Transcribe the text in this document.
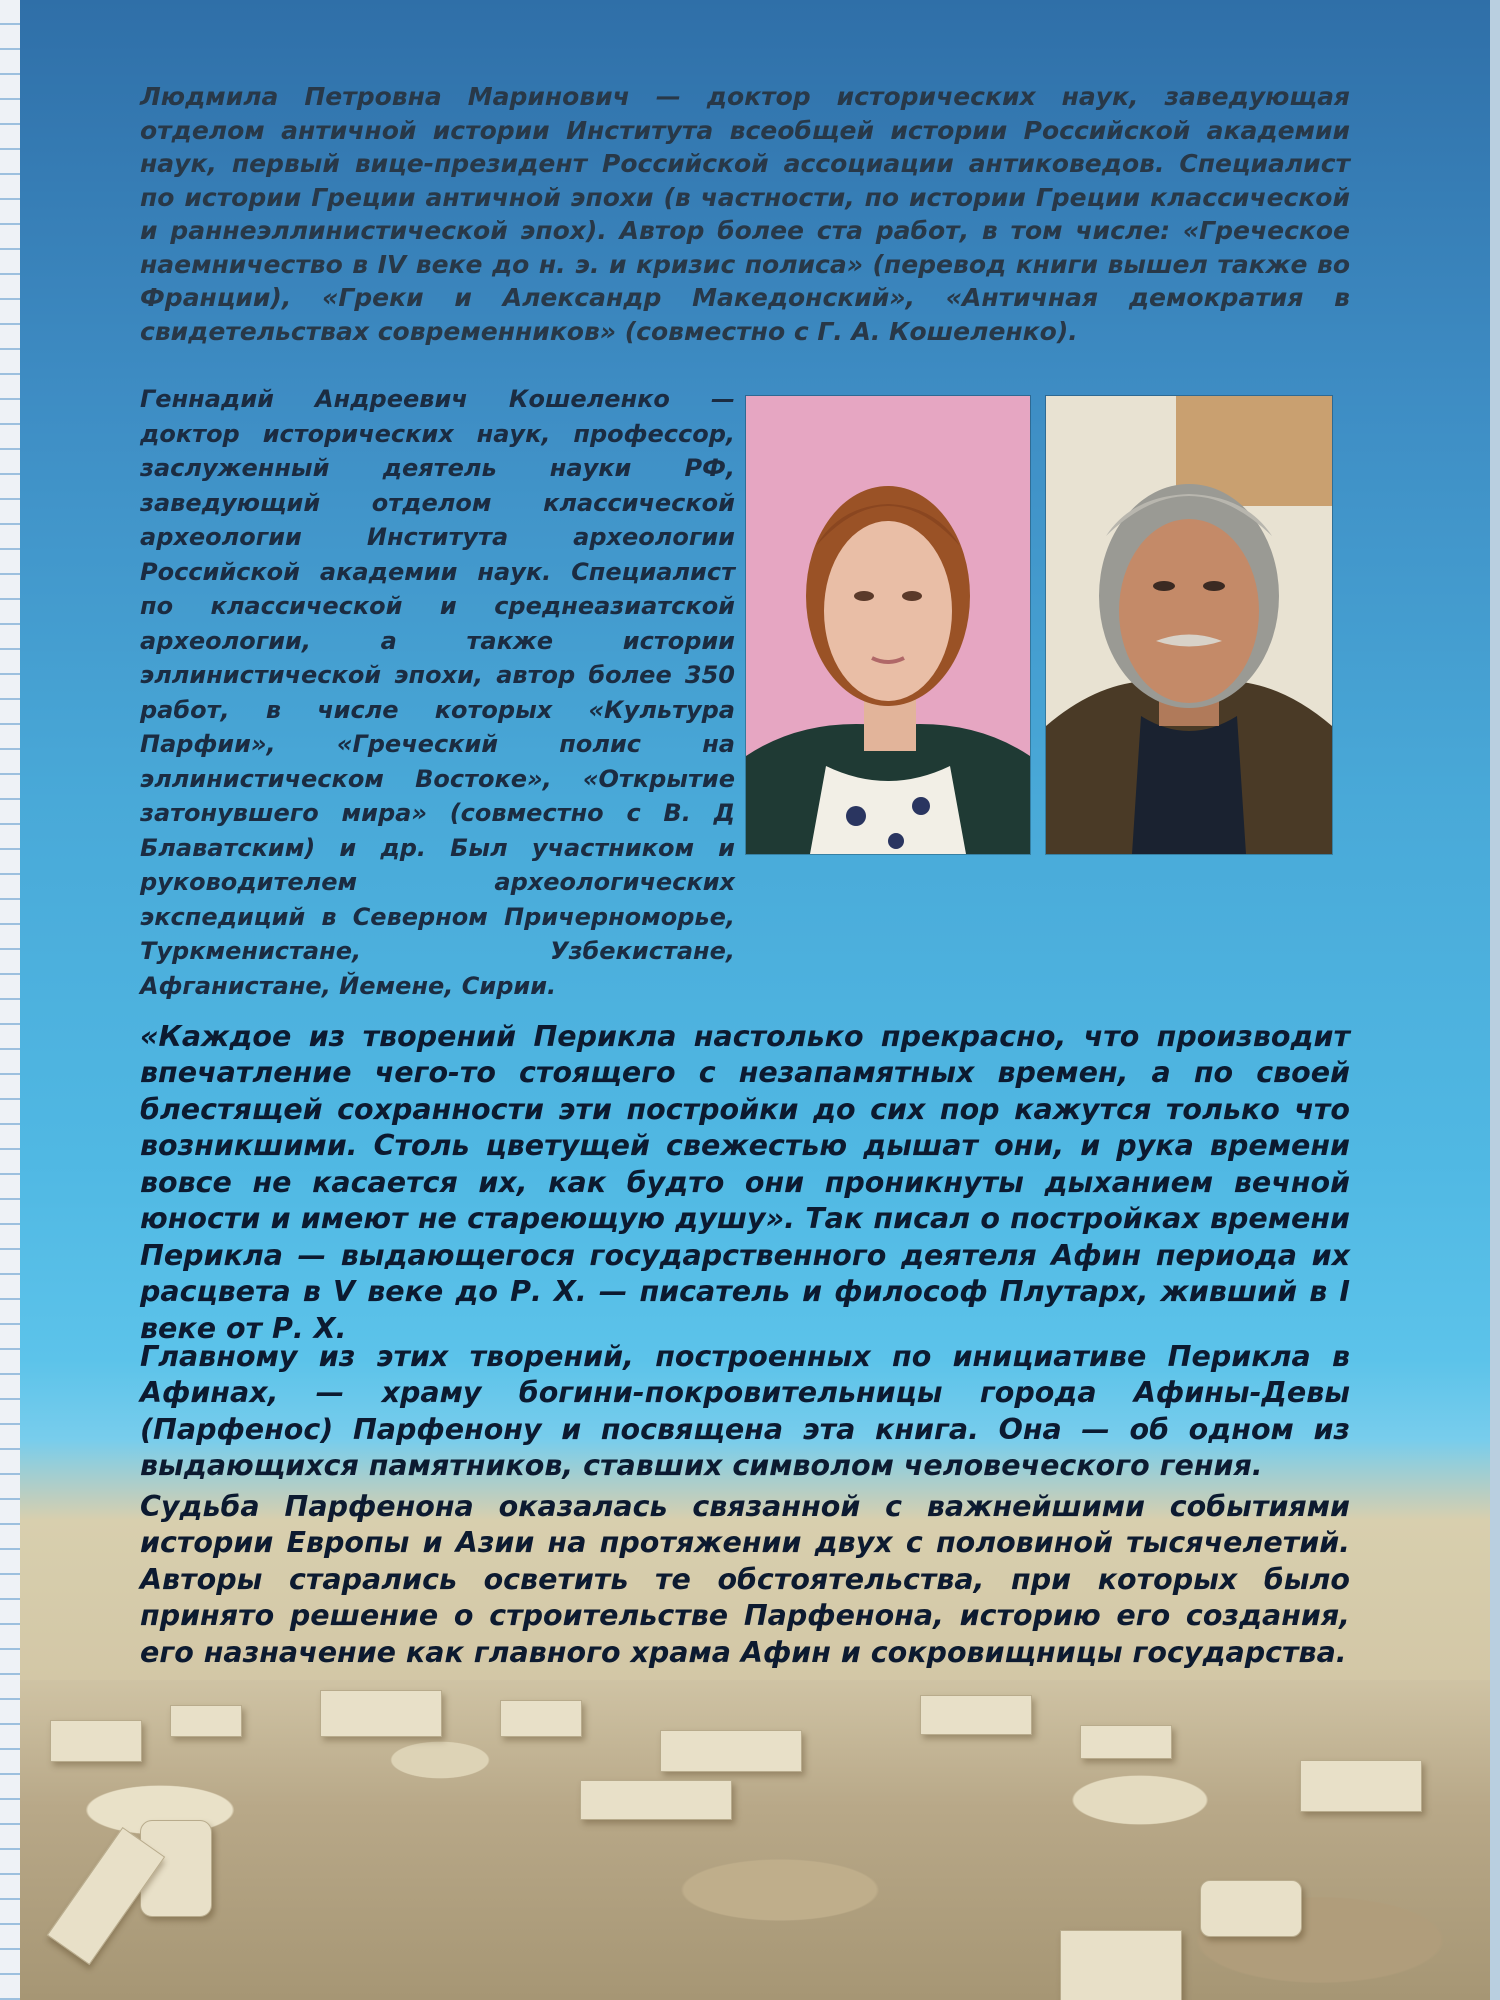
Людмила Петровна Маринович — доктор исторических наук, заведующая отделом античной истории Института всеобщей истории Российской академии наук, первый вице-президент Российской ассоциации антиковедов. Специалист по истории Греции античной эпохи (в частности, по истории Греции классической и раннеэллинистической эпох). Автор более ста работ, в том числе: «Греческое наемничество в IV веке до н. э. и кризис полиса» (перевод книги вышел также во Франции), «Греки и Александр Македонский», «Античная демократия в свидетельствах современников» (совместно с Г. А. Кошеленко).

Геннадий Андреевич Кошеленко — доктор исторических наук, профессор, заслуженный деятель науки РФ, заведующий отделом классической археологии Института археологии Российской академии наук. Специалист по классической и среднеазиатской археологии, а также истории эллинистической эпохи, автор более 350 работ, в числе которых «Культура Парфии», «Греческий полис на эллинистическом Востоке», «Открытие затонувшего мира» (совместно с В. Д Блаватским) и др. Был участником и руководителем археологических экспедиций в Северном Причерноморье, Туркменистане, Узбекистане, Афганистане, Йемене, Сирии.

«Каждое из творений Перикла настолько прекрасно, что производит впечатление чего-то стоящего с незапамятных времен, а по своей блестящей сохранности эти постройки до сих пор кажутся только что возникшими. Столь цветущей свежестью дышат они, и рука времени вовсе не касается их, как будто они проникнуты дыханием вечной юности и имеют не стареющую душу». Так писал о постройках времени Перикла — выдающегося государственного деятеля Афин периода их расцвета в V веке до Р. Х. — писатель и философ Плутарх, живший в I веке от Р. Х.

Главному из этих творений, построенных по инициативе Перикла в Афинах, — храму богини-покровительницы города Афины-Девы (Парфенос) Парфенону и посвящена эта книга. Она — об одном из выдающихся памятников, ставших символом человеческого гения.

Судьба Парфенона оказалась связанной с важнейшими событиями истории Европы и Азии на протяжении двух с половиной тысячелетий. Авторы старались осветить те обстоятельства, при которых было принято решение о строительстве Парфенона, историю его создания, его назначение как главного храма Афин и сокровищницы государства.
